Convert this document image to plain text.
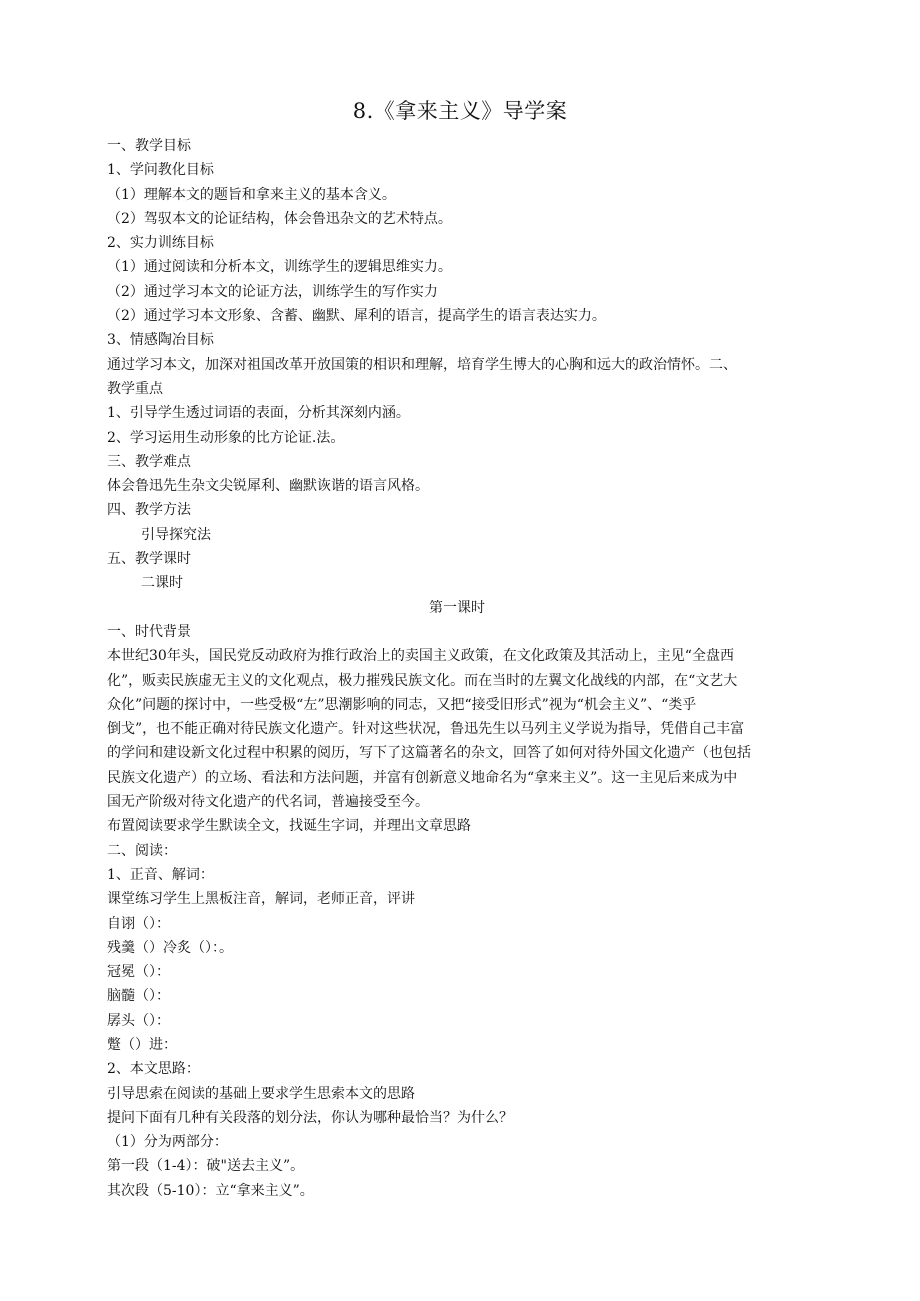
8.《拿来主义》导学案
一、教学目标
1、学问教化目标
（1）理解本文的题旨和拿来主义的基本含义。
（2）驾驭本文的论证结构，体会鲁迅杂文的艺术特点。
2、实力训练目标
（1）通过阅读和分析本文，训练学生的逻辑思维实力。
（2）通过学习本文的论证方法，训练学生的写作实力
（2）通过学习本文形象、含蓄、幽默、犀利的语言，提高学生的语言表达实力。
3、情感陶冶目标
通过学习本文，加深对祖国改革开放国策的相识和理解，培育学生博大的心胸和远大的政治情怀。二、
教学重点
1、引导学生透过词语的表面，分析其深刻内涵。
2、学习运用生动形象的比方论证.法。
三、教学难点
体会鲁迅先生杂文尖锐犀利、幽默诙谐的语言风格。
四、教学方法
引导探究法
五、教学课时
二课时
第一课时
一、时代背景
本世纪30年头，国民党反动政府为推行政治上的卖国主义政策，在文化政策及其活动上，主见“全盘西
化”，贩卖民族虚无主义的文化观点，极力摧残民族文化。而在当时的左翼文化战线的内部，在“文艺大
众化”问题的探讨中，一些受极“左”思潮影响的同志，又把“接受旧形式”视为“机会主义”、“类乎
倒戈”，也不能正确对待民族文化遗产。针对这些状况，鲁迅先生以马列主义学说为指导，凭借自己丰富
的学问和建设新文化过程中积累的阅历，写下了这篇著名的杂文，回答了如何对待外国文化遗产（也包括
民族文化遗产）的立场、看法和方法问题，并富有创新意义地命名为“拿来主义”。这一主见后来成为中
国无产阶级对待文化遗产的代名词，普遍接受至今。
布置阅读要求学生默读全文，找诞生字词，并理出文章思路
二、阅读：
1、正音、解词：
课堂练习学生上黑板注音，解词，老师正音，评讲
自诩（）：
残羹（）冷炙（）：。
冠冕（）：
脑髓（）：
孱头（）：
蹩（）进：
2、本文思路：
引导思索在阅读的基础上要求学生思索本文的思路
提问下面有几种有关段落的划分法，你认为哪种最恰当？为什么？
（1）分为两部分：
第一段（1-4）：破"送去主义”。
其次段（5-10）：立“拿来主义”。
